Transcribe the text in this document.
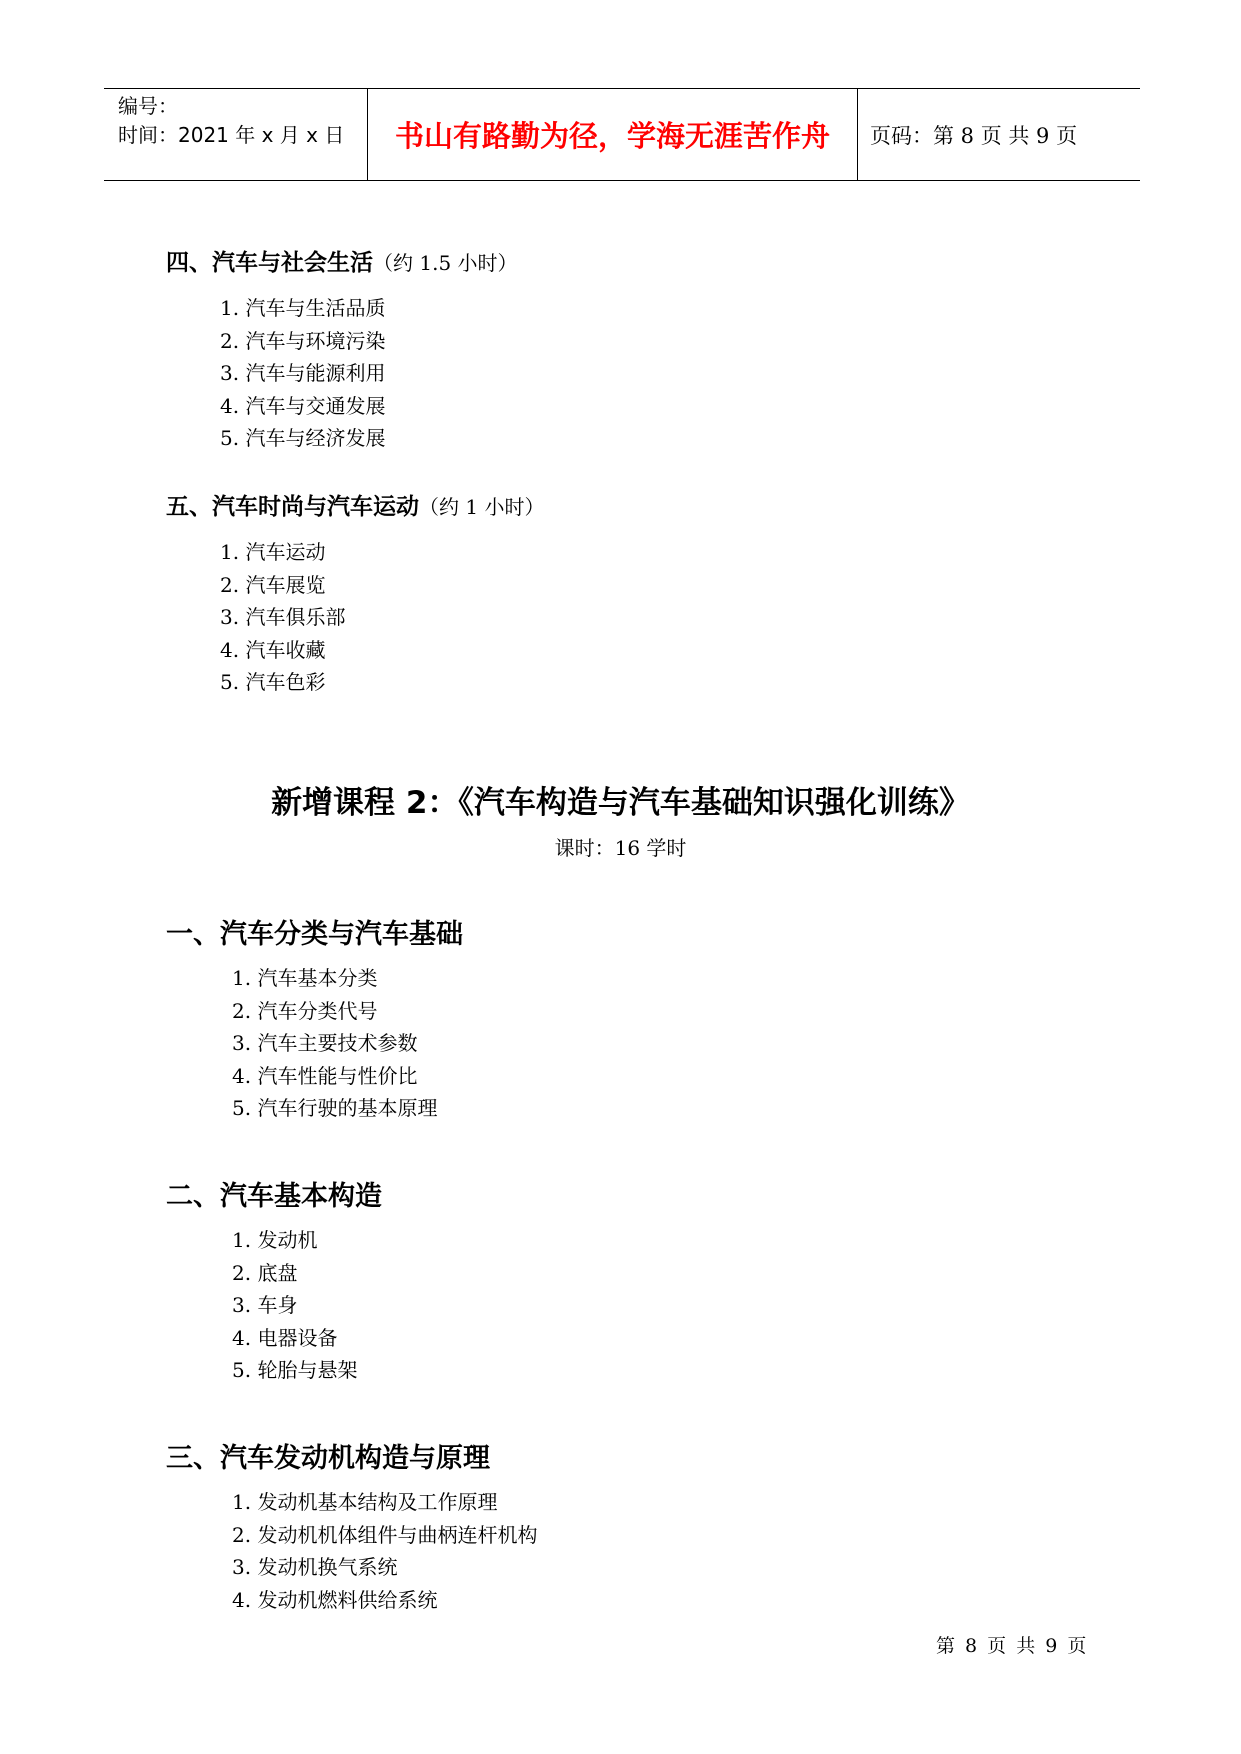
编号：
时间：2021 年 x 月 x 日	书山有路勤为径，学海无涯苦作舟 页码：第 8 页 共 9 页
四、汽车与社会生活（约 1.5 小时）
1. 汽车与生活品质
2. 汽车与环境污染
3. 汽车与能源利用
4. 汽车与交通发展
5. 汽车与经济发展
五、汽车时尚与汽车运动（约 1 小时）
1. 汽车运动
2. 汽车展览
3. 汽车俱乐部
4. 汽车收藏
5. 汽车色彩
新增课程 2：《汽车构造与汽车基础知识强化训练》
课时：16 学时
一、汽车分类与汽车基础
1. 汽车基本分类
2. 汽车分类代号
3. 汽车主要技术参数
4. 汽车性能与性价比
5. 汽车行驶的基本原理
二、汽车基本构造
1. 发动机
2. 底盘
3. 车身
4. 电器设备
5. 轮胎与悬架
三、汽车发动机构造与原理
1. 发动机基本结构及工作原理
2. 发动机机体组件与曲柄连杆机构
3. 发动机换气系统
4. 发动机燃料供给系统
第 8 页 共 9 页
